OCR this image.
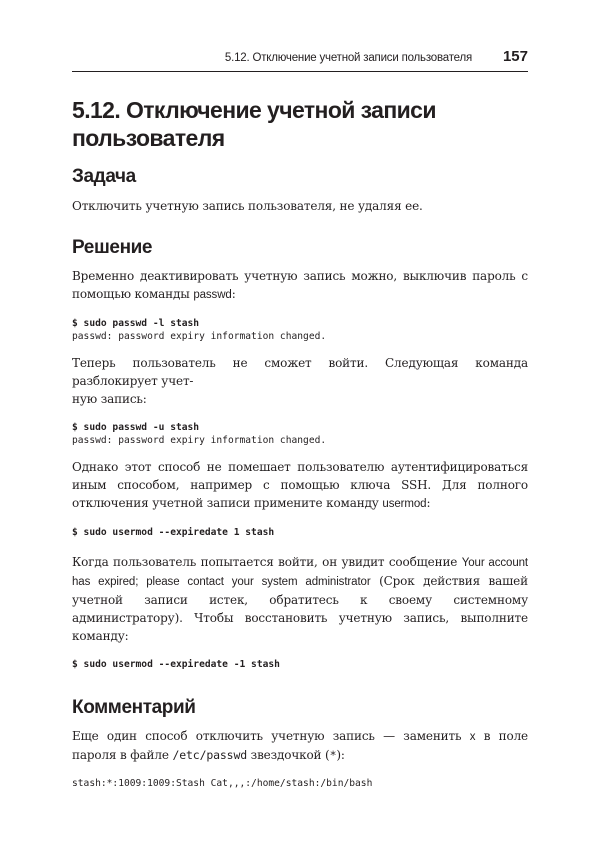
5.12. Отключение учетной записи пользователя 157
5.12. Отключение учетной записи
пользователя
Задача

Отключить учетную запись пользователя, не удаляя ее.

Решение

Временно деактивировать учетную запись можно, выключив пароль с помощью команды passwd:

$ sudo passwd -l stash
passwd: password expiry information changed.

Теперь пользователь не сможет войти. Следующая команда разблокирует учет-
ную запись:

$ sudo passwd -u stash
passwd: password expiry information changed.

Однако этот способ не помешает пользователю аутентифицироваться иным способом, например с помощью ключа SSH. Для полного отключения учетной записи примените команду usermod:

$ sudo usermod --expiredate 1 stash

Когда пользователь попытается войти, он увидит сообщение Your account has expired; please contact your system administrator (Срок действия вашей учетной записи истек, обратитесь к своему системному администратору). Чтобы восстановить учетную запись, выполните команду:

$ sudo usermod --expiredate -1 stash
Комментарий

Еще один способ отключить учетную запись — заменить x в поле пароля в файле /etc/passwd звездочкой (*):

stash:*:1009:1009:Stash Cat,,,:/home/stash:/bin/bash
